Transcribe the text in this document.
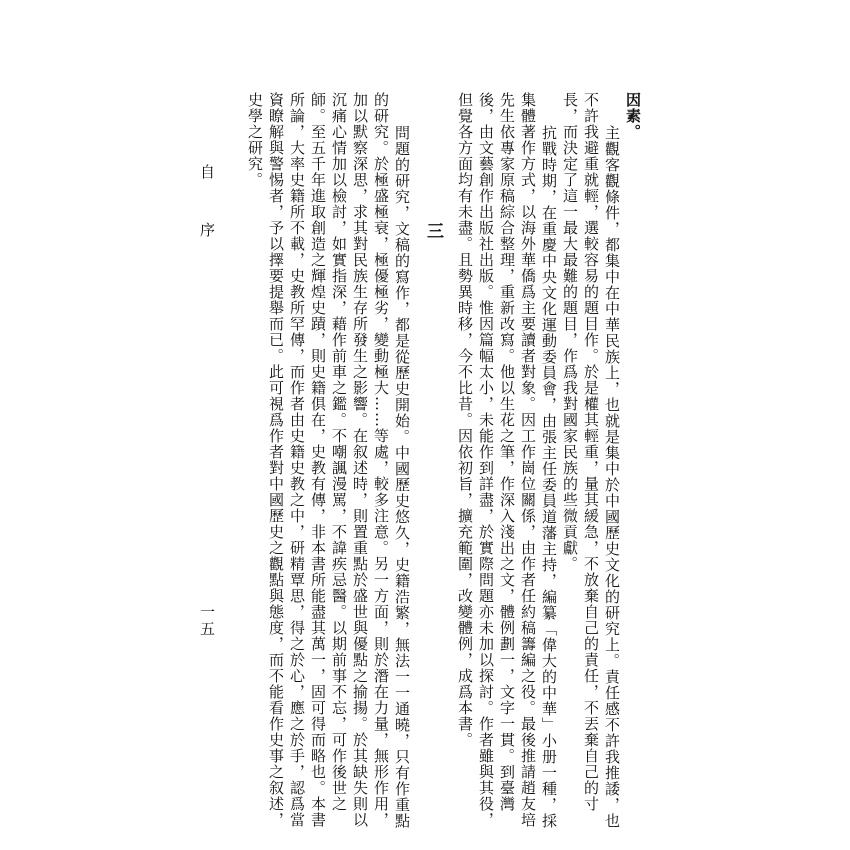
因素。
主觀客觀條件，都集中在中華民族上，也就是集中於中國歷史文化的研究上。責任感不許我推諉，也
不許我避重就輕，選較容易的題目作。於是權其輕重，量其緩急，不放棄自己的責任，不丟棄自己的寸
長，而決定了這一最大最難的題目，作爲我對國家民族的些微貢獻。
抗戰時期，在重慶中央文化運動委員會，由張主任委員道藩主持，編纂「偉大的中華」小册一種，採
集體著作方式，以海外華僑爲主要讀者對象。因工作崗位關係，由作者任約稿籌編之役。最後推請趙友培
先生依專家原稿綜合整理，重新改寫。他以生花之筆，作深入淺出之文，體例劃一，文字一貫。到臺灣
後，由文藝創作出版社出版。惟因篇幅太小，未能作到詳盡，於實際問題亦未加以探討。作者雖與其役，
但覺各方面均有未盡。且勢異時移，今不比昔。因依初旨，擴充範圍，改變體例，成爲本書。
三
問題的研究，文稿的寫作，都是從歷史開始。中國歷史悠久，史籍浩繁，無法一一通曉，只有作重點
的研究。於極盛極衰，極優極劣，變動極大……等處，較多注意。另一方面，則於潛在力量，無形作用，
加以默察深思，求其對民族生存所發生之影響。在叙述時，則置重點於盛世與優點之揄揚。於其缺失則以
沉痛心情加以檢討，如實指深，藉作前車之鑑。不嘲諷漫罵，不諱疾忌醫。以期前事不忘，可作後世之
師。至五千年進取創造之輝煌史蹟，則史籍俱在，史教有傳，非本書所能盡其萬一，固可得而略也。本書
所論，大率史籍所不載，史教所罕傳，而作者由史籍史教之中，研精覃思，得之於心，應之於手，認爲當
資瞭解與警惕者，予以擇要提舉而已。此可視爲作者對中國歷史之觀點與態度，而不能看作史事之叙述，
史學之研究。
自
序
一五
